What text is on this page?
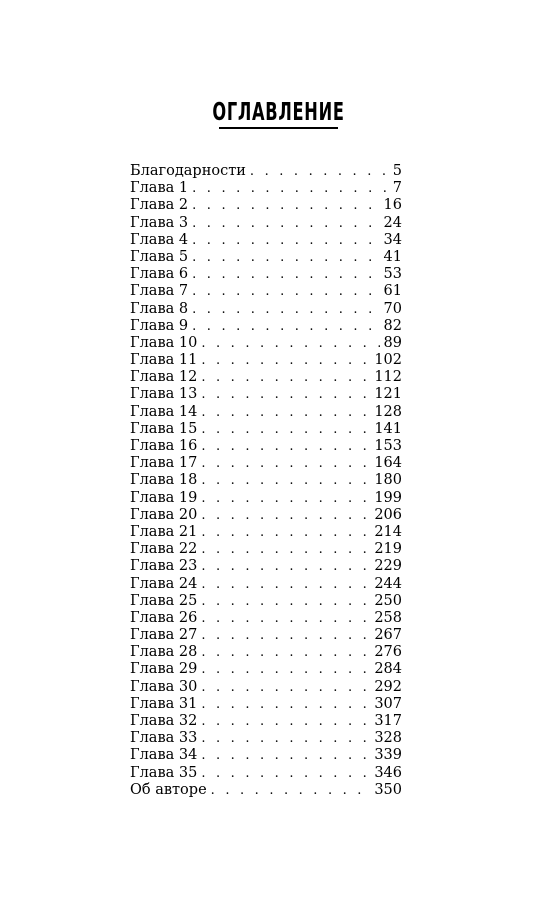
ОГЛАВЛЕНИЕ
Благодарности . . .	5
Глава 1 . . .	7
Глава 2 . . .	16
Глава 3 . . .	24
Глава 4 . . .	34
Глава 5 . . .	41
Глава 6 . . .	53
Глава 7 . . .	61
Глава 8 . . .	70
Глава 9 . . .	82
Глава 10 . . .	89
Глава 11 . . .	102
Глава 12 . . .	112
Глава 13 . . .	121
Глава 14 . . .	128
Глава 15 . . .	141
Глава 16 . . .	153
Глава 17 . . .	164
Глава 18 . . .	180
Глава 19 . . .	199
Глава 20 . . .	206
Глава 21 . . .	214
Глава 22 . . .	219
Глава 23 . . .	229
Глава 24 . . .	244
Глава 25 . . .	250
Глава 26 . . .	258
Глава 27 . . .	267
Глава 28 . . .	276
Глава 29 . . .	284
Глава 30 . . .	292
Глава 31 . . .	307
Глава 32 . . .	317
Глава 33 . . .	328
Глава 34 . . .	339
Глава 35 . . .	346
Об авторе . . .	350
